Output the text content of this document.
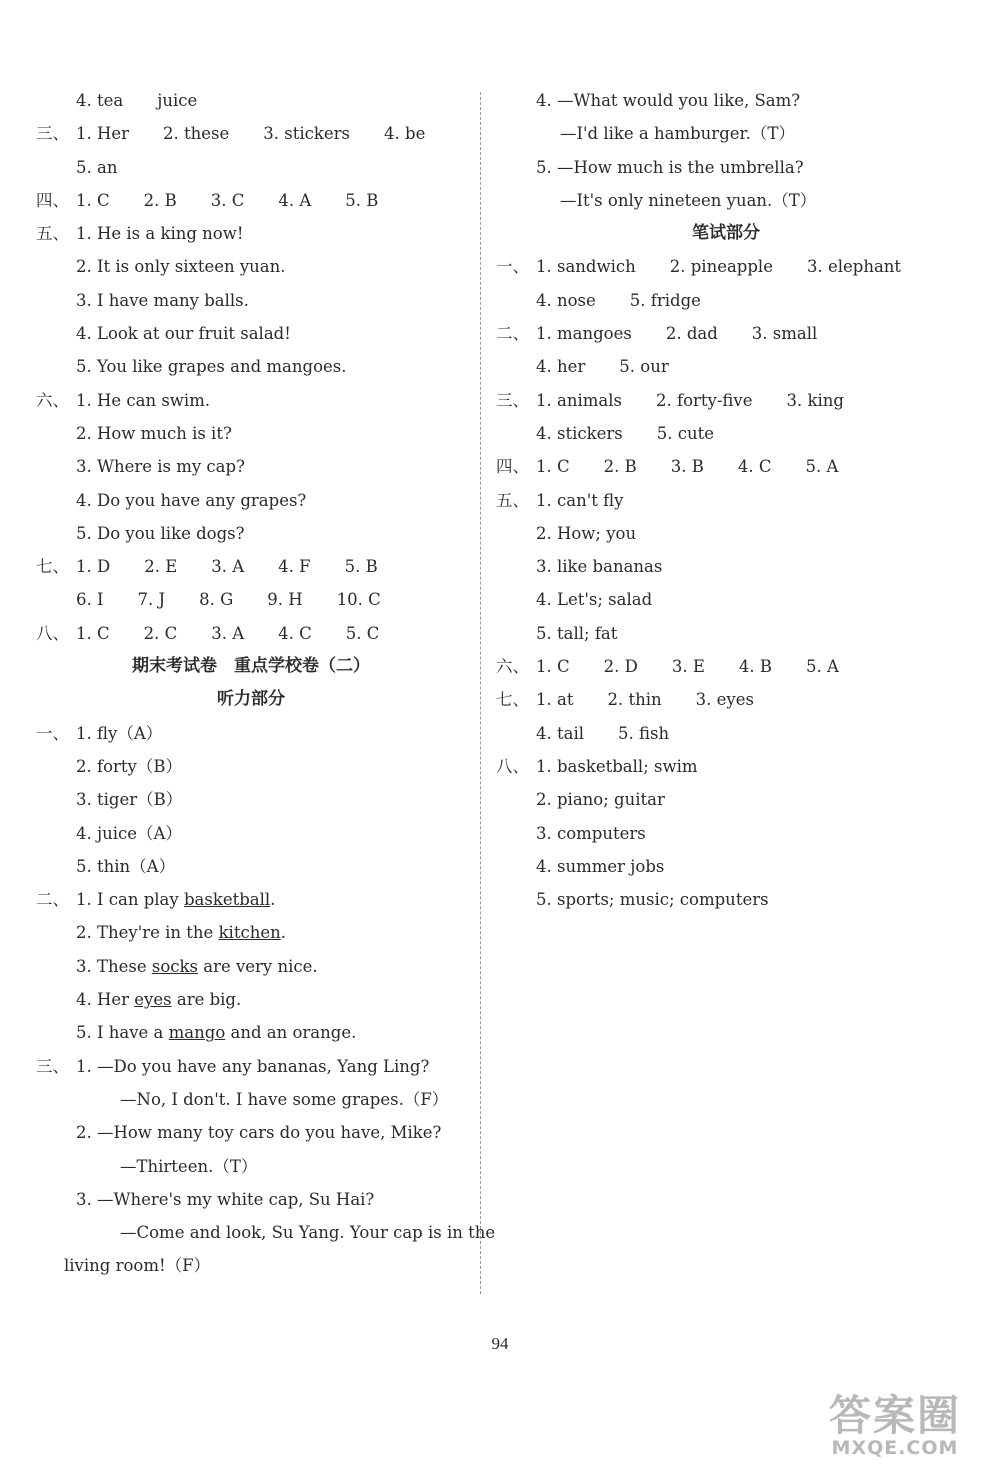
4. tea juice
三、 1. Her 2. these 3. stickers 4. be
5. an
四、 1. C 2. B 3. C 4. A 5. B
五、 1. He is a king now!
2. It is only sixteen yuan.
3. I have many balls.
4. Look at our fruit salad!
5. You like grapes and mangoes.
六、 1. He can swim.
2. How much is it?
3. Where is my cap?
4. Do you have any grapes?
5. Do you like dogs?
七、 1. D 2. E 3. A 4. F 5. B
6. I 7. J 8. G 9. H 10. C
八、 1. C 2. C 3. A 4. C 5. C
期末考试卷　重点学校卷（二）
听力部分
一、 1. fly（A）
2. forty（B）
3. tiger（B）
4. juice（A）
5. thin（A）
二、 1. I can play basketball.
2. They're in the kitchen.
3. These socks are very nice.
4. Her eyes are big.
5. I have a mango and an orange.
三、 1. —Do you have any bananas, Yang Ling?
—No, I don't. I have some grapes.（F）
2. —How many toy cars do you have, Mike?
—Thirteen.（T）
3. —Where's my white cap, Su Hai?
—Come and look, Su Yang. Your cap is in the
living room!（F）
4. —What would you like, Sam?
—I'd like a hamburger.（T）
5. —How much is the umbrella?
—It's only nineteen yuan.（T）
笔试部分
一、 1. sandwich 2. pineapple 3. elephant
4. nose 5. fridge
二、 1. mangoes 2. dad 3. small
4. her 5. our
三、 1. animals 2. forty-five 3. king
4. stickers 5. cute
四、 1. C 2. B 3. B 4. C 5. A
五、 1. can't fly
2. How; you
3. like bananas
4. Let's; salad
5. tall; fat
六、 1. C 2. D 3. E 4. B 5. A
七、 1. at 2. thin 3. eyes
4. tail 5. fish
八、 1. basketball; swim
2. piano; guitar
3. computers
4. summer jobs
5. sports; music; computers
94
答案圈
MXQE.COM
